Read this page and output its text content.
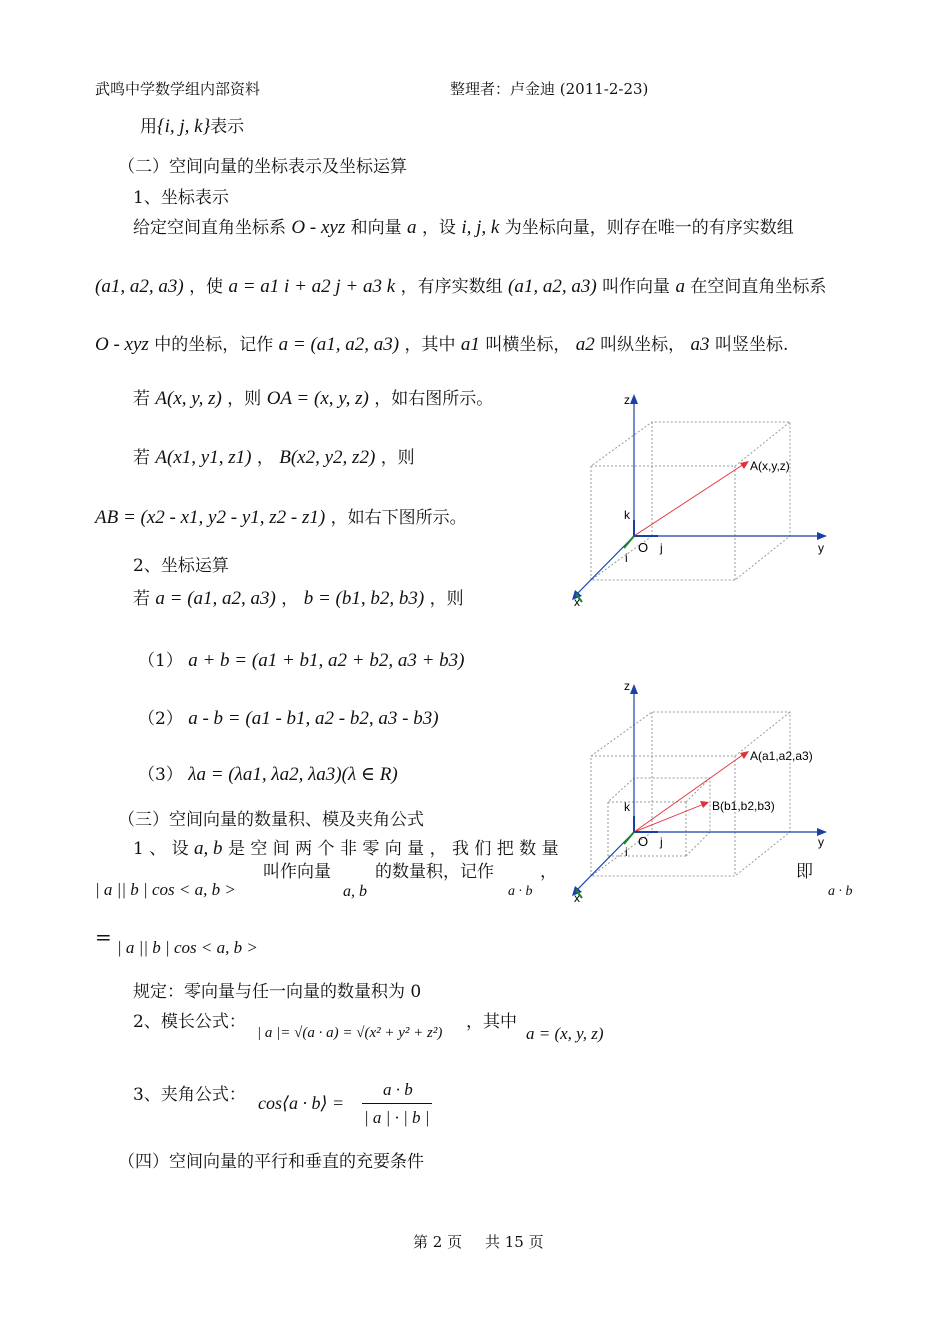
武鸣中学数学组内部资料	整理者：卢金迪 (2011-2-23)
用{i, j, k}表示
（二）空间向量的坐标表示及坐标运算
1、坐标表示
给定空间直角坐标系 O - xyz 和向量 a ，设 i, j, k 为坐标向量，则存在唯一的有序实数组
(a1, a2, a3) ，使 a = a1 i + a2 j + a3 k ，有序实数组 (a1, a2, a3) 叫作向量 a 在空间直角坐标系
O - xyz 中的坐标，记作 a = (a1, a2, a3) ，其中 a1 叫横坐标， a2 叫纵坐标， a3 叫竖坐标.
若 A(x, y, z) ，则 OA = (x, y, z) ，如右图所示。
若 A(x1, y1, z1) ， B(x2, y2, z2) ，则
AB = (x2 - x1, y2 - y1, z2 - z1) ，如右下图所示。
2、坐标运算
若 a = (a1, a2, a3) ， b = (b1, b2, b3) ，则
（1） a + b = (a1 + b1, a2 + b2, a3 + b3)
（2） a - b = (a1 - b1, a2 - b2, a3 - b3)
（3） λa = (λa1, λa2, λa3)(λ ∈ R)
（三）空间向量的数量积、模及夹角公式
1 、 设 a, b 是 空 间 两 个 非 零 向 量 ， 我 们 把 数 量
| a || b | cos < a, b >
叫作向量
a, b
的数量积，记作
a · b
，	即
a · b
= | a || b | cos < a, b >
规定：零向量与任一向量的数量积为 0
2、模长公式：
| a |= √(a · a) = √(x² + y² + z²)
，其中
a = (x, y, z)
3、夹角公式： cos⟨a · b⟩ =
a · b
| a | · | b |
（四）空间向量的平行和垂直的充要条件
第 2 页 共 15 页
z
y
x
O
i
j
k
A(x,y,z)
z
y
x
O
i
j
k
A(a1,a2,a3)
B(b1,b2,b3)
